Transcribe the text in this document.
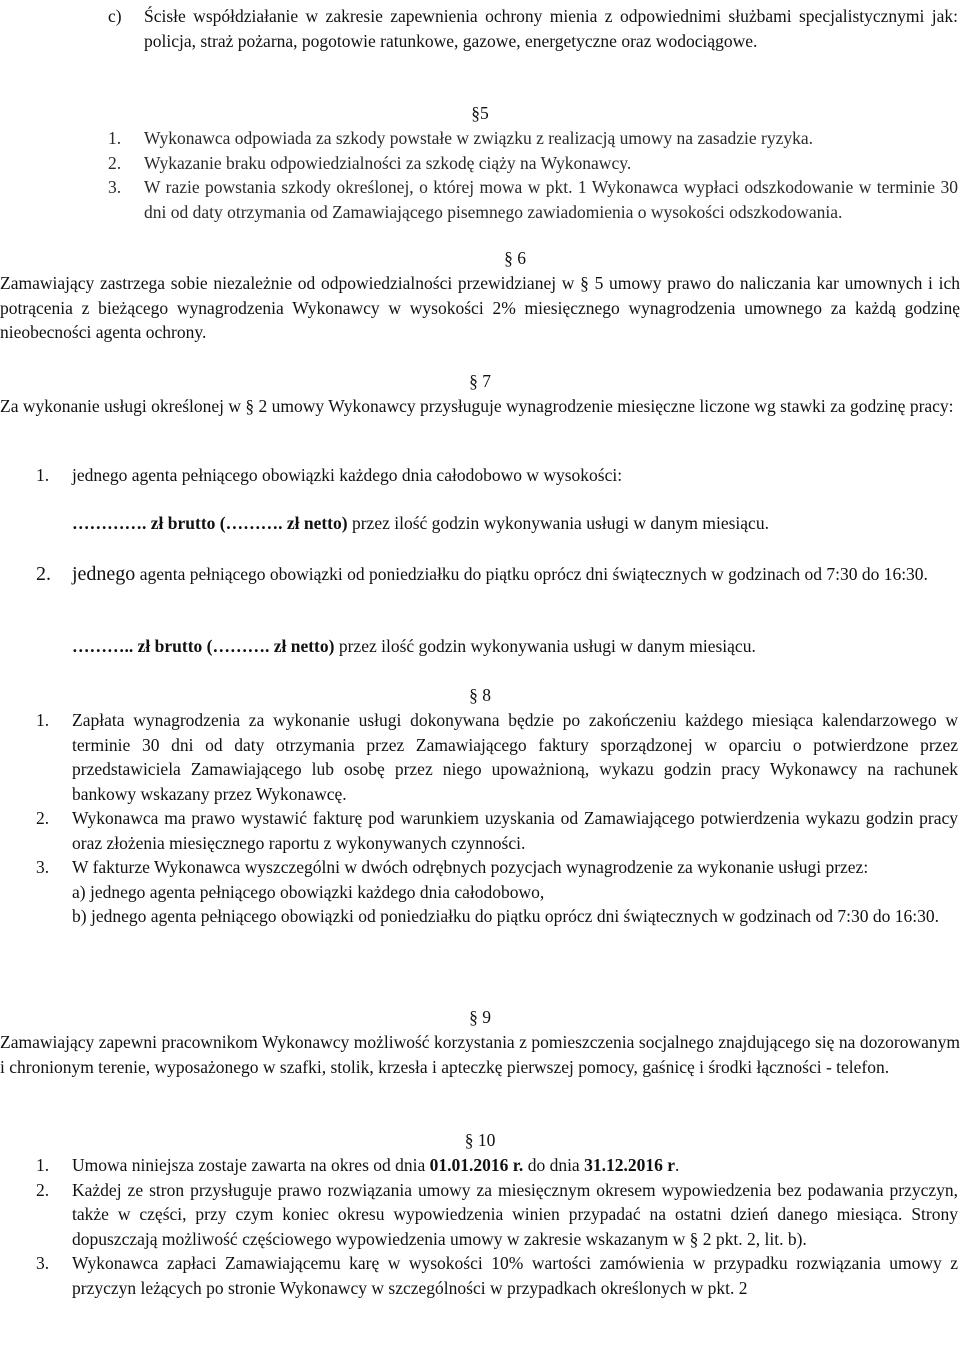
c)	Ścisłe współdziałanie w zakresie zapewnienia ochrony mienia z odpowiednimi służbami specjalistycznymi jak: policja, straż pożarna, pogotowie ratunkowe, gazowe, energetyczne oraz wodociągowe.
§5
1.	Wykonawca odpowiada za szkody powstałe w związku z realizacją umowy na zasadzie ryzyka.
2.	Wykazanie braku odpowiedzialności za szkodę ciąży na Wykonawcy.
3.	W razie powstania szkody określonej, o której mowa w pkt. 1 Wykonawca wypłaci odszkodowanie w terminie 30 dni od daty otrzymania od Zamawiającego pisemnego zawiadomienia o wysokości odszkodowania.
§ 6
Zamawiający zastrzega sobie niezależnie od odpowiedzialności przewidzianej w § 5 umowy prawo do naliczania kar umownych i ich potrącenia z bieżącego wynagrodzenia Wykonawcy w wysokości 2% miesięcznego wynagrodzenia umownego za każdą godzinę nieobecności agenta ochrony.
§ 7
Za wykonanie usługi określonej w § 2 umowy Wykonawcy przysługuje wynagrodzenie miesięczne liczone wg stawki za godzinę pracy:
1.	jednego agenta pełniącego obowiązki każdego dnia całodobowo w wysokości:
…………. zł brutto (………. zł netto) przez ilość godzin wykonywania usługi w danym miesiącu.
2.	jednego agenta pełniącego obowiązki od poniedziałku do piątku oprócz dni świątecznych w godzinach od 7:30 do 16:30.
……….. zł brutto (………. zł netto) przez ilość godzin wykonywania usługi w danym miesiącu.
§ 8
1.	Zapłata wynagrodzenia za wykonanie usługi dokonywana będzie po zakończeniu każdego miesiąca kalendarzowego w terminie 30 dni od daty otrzymania przez Zamawiającego faktury sporządzonej w oparciu o potwierdzone przez przedstawiciela Zamawiającego lub osobę przez niego upoważnioną, wykazu godzin pracy Wykonawcy na rachunek bankowy wskazany przez Wykonawcę.
2.	Wykonawca ma prawo wystawić fakturę pod warunkiem uzyskania od Zamawiającego potwierdzenia wykazu godzin pracy oraz złożenia miesięcznego raportu z wykonywanych czynności.
3.	W fakturze Wykonawca wyszczególni w dwóch odrębnych pozycjach wynagrodzenie za wykonanie usługi przez:
a) jednego agenta pełniącego obowiązki każdego dnia całodobowo,
b) jednego agenta pełniącego obowiązki od poniedziałku do piątku oprócz dni świątecznych w godzinach od 7:30 do 16:30.
§ 9
Zamawiający zapewni pracownikom Wykonawcy możliwość korzystania z pomieszczenia socjalnego znajdującego się na dozorowanym i chronionym terenie, wyposażonego w szafki, stolik, krzesła i apteczkę pierwszej pomocy, gaśnicę i środki łączności - telefon.
§ 10
1.	Umowa niniejsza zostaje zawarta na okres od dnia 01.01.2016 r. do dnia 31.12.2016 r.
2.	Każdej ze stron przysługuje prawo rozwiązania umowy za miesięcznym okresem wypowiedzenia bez podawania przyczyn, także w części, przy czym koniec okresu wypowiedzenia winien przypadać na ostatni dzień danego miesiąca. Strony dopuszczają możliwość częściowego wypowiedzenia umowy w zakresie wskazanym w § 2 pkt. 2, lit. b).
3.	Wykonawca zapłaci Zamawiającemu karę w wysokości 10% wartości zamówienia w przypadku rozwiązania umowy z przyczyn leżących po stronie Wykonawcy w szczególności w przypadkach określonych w pkt. 2
